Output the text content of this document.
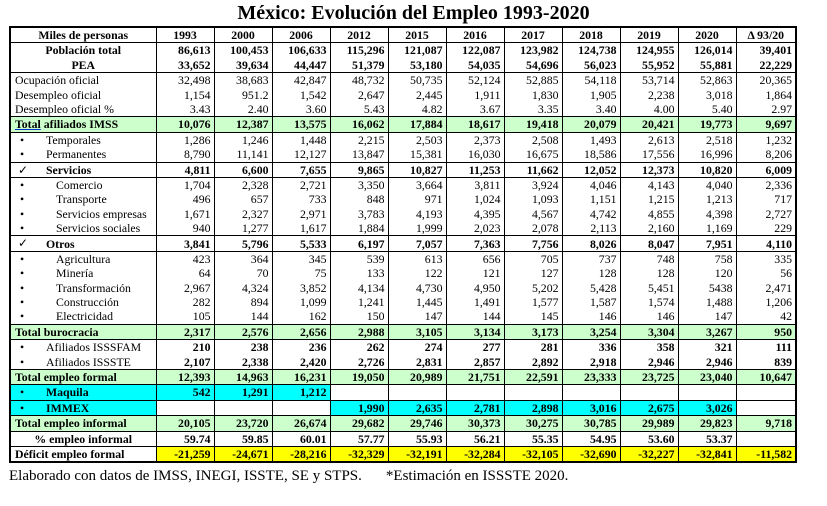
México: Evolución del Empleo 1993-2020
Miles de personas	1993	2000	2006	2012	2015	2016	2017	2018	2019	2020	Δ 93/20
Población total	86,613	100,453	106,633	115,296	121,087	122,087	123,982	124,738	124,955	126,014	39,401
PEA	33,652	39,634	44,447	51,379	53,180	54,035	54,696	56,023	55,952	55,881	22,229
Ocupación oficial	32,498	38,683	42,847	48,732	50,735	52,124	52,885	54,118	53,714	52,863	20,365
Desempleo oficial	1,154	951.2	1,542	2,647	2,445	1,911	1,830	1,905	2,238	3,018	1,864
Desempleo oficial %	3.43	2.40	3.60	5.43	4.82	3.67	3.35	3.40	4.00	5.40	2.97
Total afiliados IMSS	10,076	12,387	13,575	16,062	17,884	18,617	19,418	20,079	20,421	19,773	9,697

• Temporales	1,286	1,246	1,448	2,215	2,503	2,373	2,508	1,493	2,613	2,518	1,232

• Permanentes	8,790	11,141	12,127	13,847	15,381	16,030	16,675	18,586	17,556	16,996	8,206

✓ Servicios	4,811	6,600	7,655	9,865	10,827	11,253	11,662	12,052	12,373	10,820	6,009

• Comercio	1,704	2,328	2,721	3,350	3,664	3,811	3,924	4,046	4,143	4,040	2,336

• Transporte	496	657	733	848	971	1,024	1,093	1,151	1,215	1,213	717

• Servicios empresas	1,671	2,327	2,971	3,783	4,193	4,395	4,567	4,742	4,855	4,398	2,727

• Servicios sociales	940	1,277	1,617	1,884	1,999	2,023	2,078	2,113	2,160	1,169	229

✓ Otros	3,841	5,796	5,533	6,197	7,057	7,363	7,756	8,026	8,047	7,951	4,110

• Agricultura	423	364	345	539	613	656	705	737	748	758	335

• Minería	64	70	75	133	122	121	127	128	128	120	56

• Transformación	2,967	4,324	3,852	4,134	4,730	4,950	5,202	5,428	5,451	5438	2,471

• Construcción	282	894	1,099	1,241	1,445	1,491	1,577	1,587	1,574	1,488	1,206

• Electricidad	105	144	162	150	147	144	145	146	146	147	42
Total burocracia	2,317	2,576	2,656	2,988	3,105	3,134	3,173	3,254	3,304	3,267	950

• Afiliados ISSSFAM	210	238	236	262	274	277	281	336	358	321	111

• Afiliados ISSSTE	2,107	2,338	2,420	2,726	2,831	2,857	2,892	2,918	2,946	2,946	839
Total empleo formal	12,393	14,963	16,231	19,050	20,989	21,751	22,591	23,333	23,725	23,040	10,647

• Maquila	542	1,291	1,212								

• IMMEX				1,990	2,635	2,781	2,898	3,016	2,675	3,026	
Total empleo informal	20,105	23,720	26,674	29,682	29,746	30,373	30,275	30,785	29,989	29,823	9,718
% empleo informal	59.74	59.85	60.01	57.77	55.93	56.21	55.35	54.95	53.60	53.37	
Déficit empleo formal	-21,259	-24,671	-28,216	-32,329	-32,191	-32,284	-32,105	-32,690	-32,227	-32,841	-11,582
Elaborado con datos de IMSS, INEGI, ISSTE, SE y STPS. *Estimación en ISSSTE 2020.
